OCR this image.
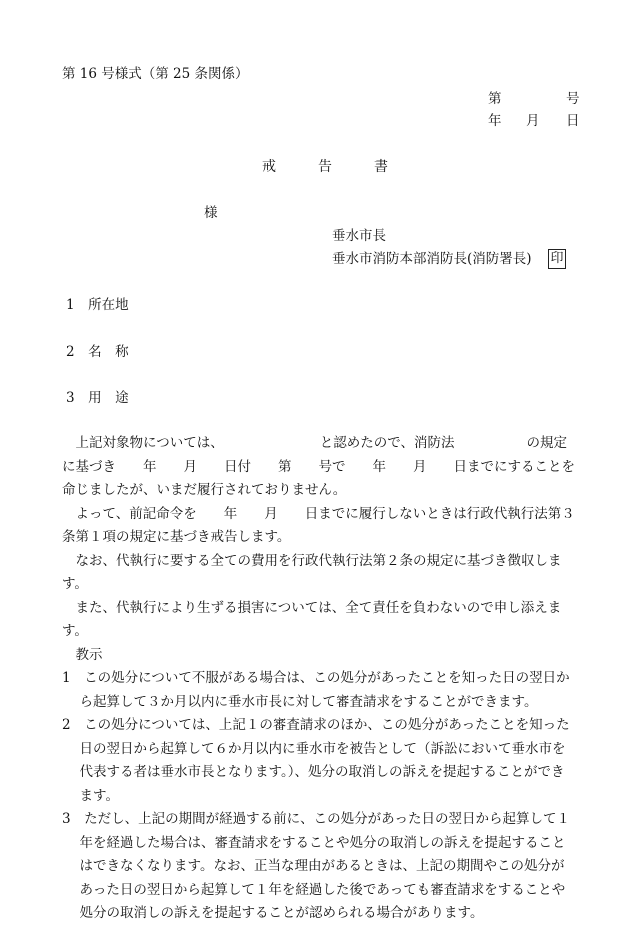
第 16 号様式（第 25 条関係）
第	号
年 月 日
戒　　　告　　　書
様
垂水市長
垂水市消防本部消防長(消防署長) 印
1　所在地
2　名　称
3　用　途

上記対象物については、	と認めたので、消防法	の規定に基づき　　年　　月　　日付　　第　　号で　　年　　月　　日までにすることを命じましたが、いまだ履行されておりません。

よって、前記命令を　　年　　月　　日までに履行しないときは行政代執行法第３条第１項の規定に基づき戒告します。

なお、代執行に要する全ての費用を行政代執行法第２条の規定に基づき徴収します。

また、代執行により生ずる損害については、全て責任を負わないので申し添えます。

教示

1　この処分について不服がある場合は、この処分があったことを知った日の翌日から起算して３か月以内に垂水市長に対して審査請求をすることができます。

2　この処分については、上記１の審査請求のほか、この処分があったことを知った日の翌日から起算して６か月以内に垂水市を被告として（訴訟において垂水市を代表する者は垂水市長となります。）、処分の取消しの訴えを提起することができます。

3　ただし、上記の期間が経過する前に、この処分があった日の翌日から起算して１年を経過した場合は、審査請求をすることや処分の取消しの訴えを提起することはできなくなります。なお、正当な理由があるときは、上記の期間やこの処分があった日の翌日から起算して１年を経過した後であっても審査請求をすることや処分の取消しの訴えを提起することが認められる場合があります。
